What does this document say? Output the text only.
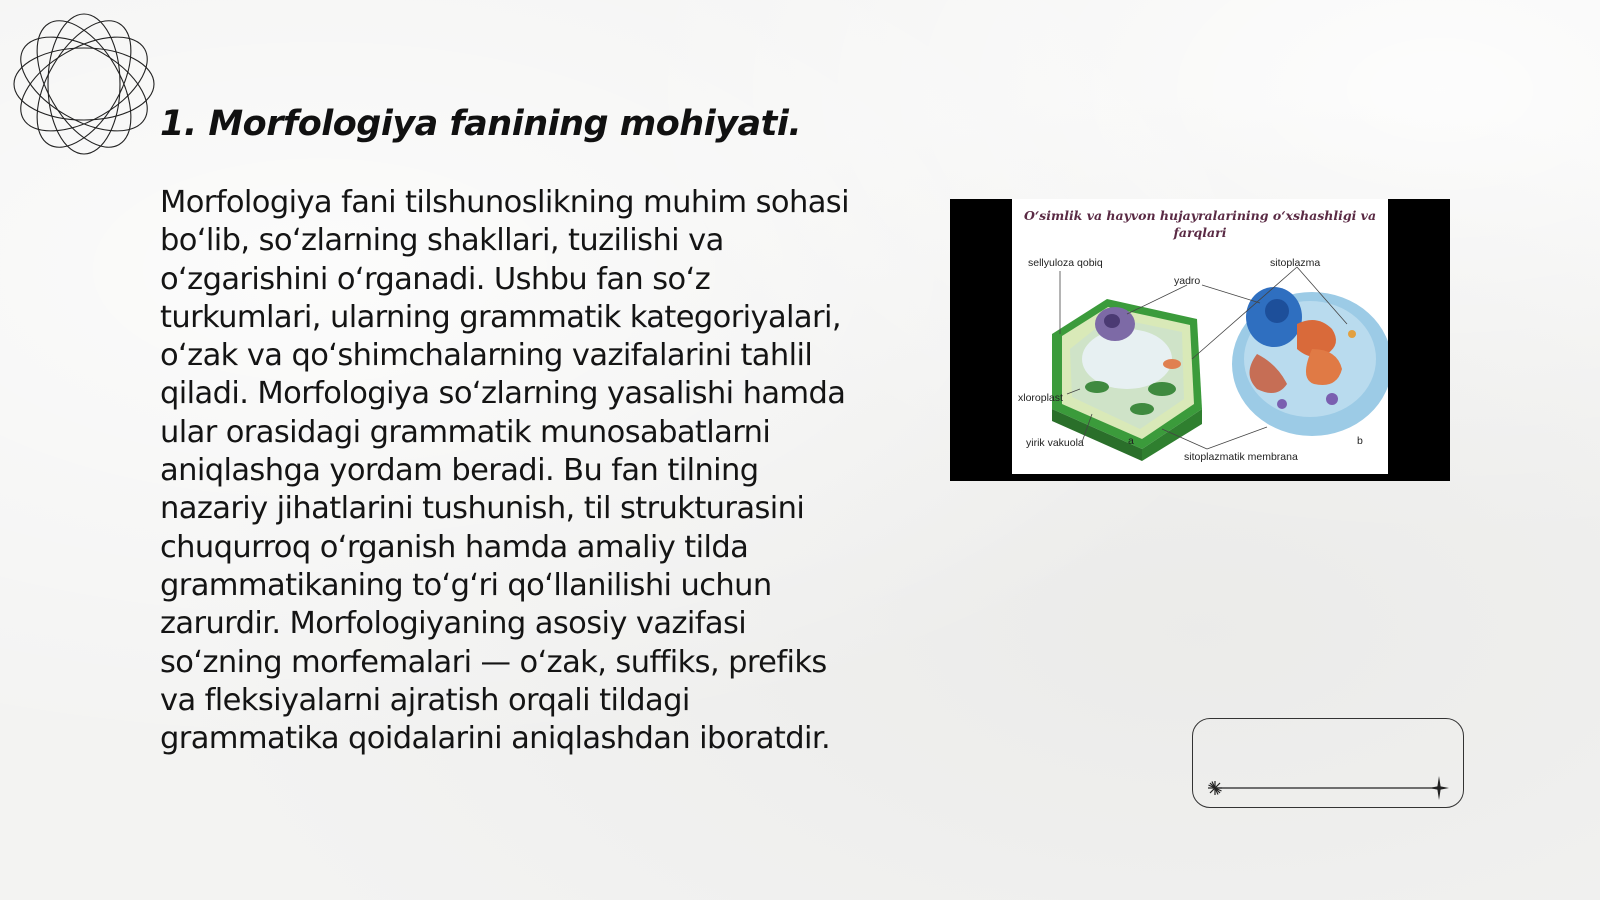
1. Morfologiya fanining mohiyati.

Morfologiya fani tilshunoslikning muhim sohasi bo‘lib, so‘zlarning shakllari, tuzilishi va o‘zgarishini o‘rganadi. Ushbu fan so‘z turkumlari, ularning grammatik kategoriyalari, o‘zak va qo‘shimchalarning vazifalarini tahlil qiladi. Morfologiya so‘zlarning yasalishi hamda ular orasidagi grammatik munosabatlarni aniqlashga yordam beradi. Bu fan tilning nazariy jihatlarini tushunish, til strukturasini chuqurroq o‘rganish hamda amaliy tilda grammatikaning to‘g‘ri qo‘llanilishi uchun zarurdir. Morfologiyaning asosiy vazifasi so‘zning morfemalari — o‘zak, suffiks, prefiks va fleksiyalarni ajratish orqali tildagi grammatika qoidalarini aniqlashdan iboratdir.

O‘simlik va hayvon hujayralarining o‘xshashligi va farqlari
sellyuloza qobiq
yadro
sitoplazma
xloroplast
yirik vakuola	a
sitoplazmatik membrana
b
